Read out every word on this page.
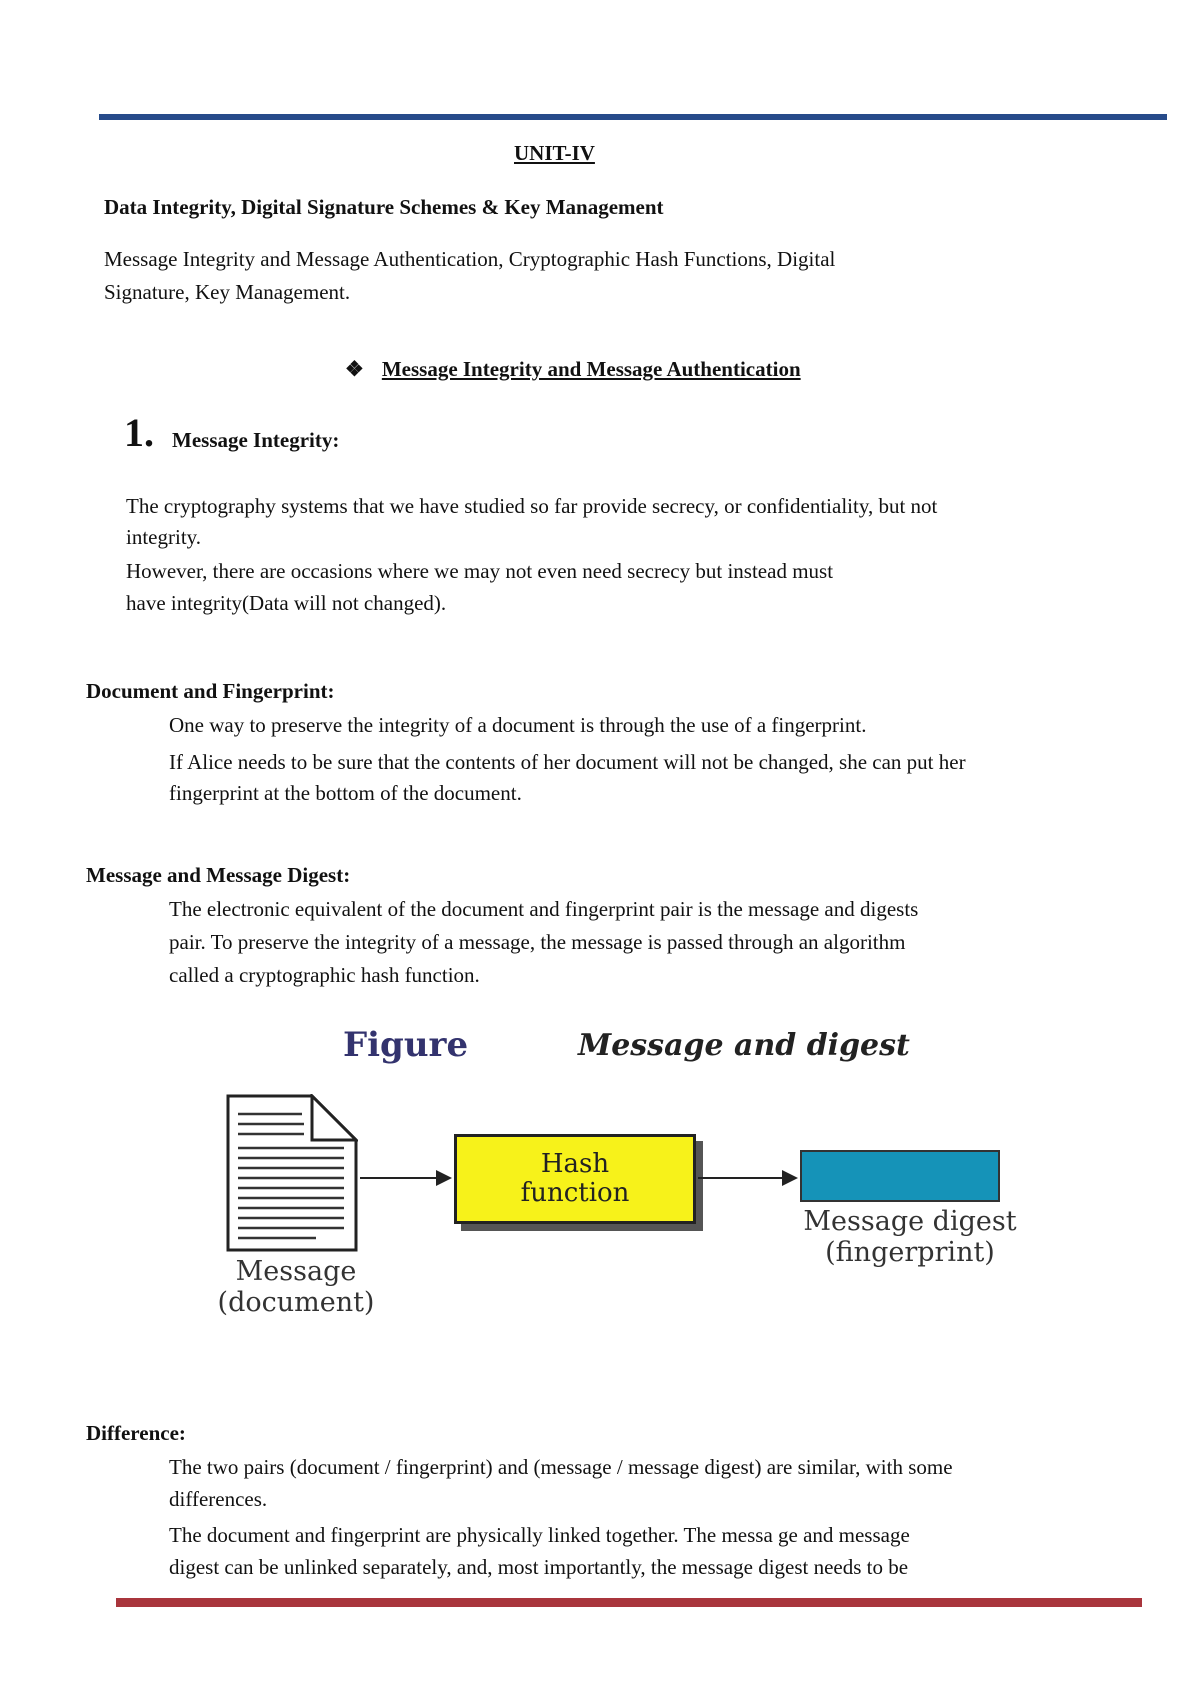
UNIT-IV
Data Integrity, Digital Signature Schemes & Key Management
Message Integrity and Message Authentication, Cryptographic Hash Functions, Digital
Signature, Key Management.
❖ Message Integrity and Message Authentication
1. Message Integrity:
The cryptography systems that we have studied so far provide secrecy, or confidentiality, but not
integrity.
However, there are occasions where we may not even need secrecy but instead must
have integrity(Data will not changed).
Document and Fingerprint:
One way to preserve the integrity of a document is through the use of a fingerprint.
If Alice needs to be sure that the contents of her document will not be changed, she can put her
fingerprint at the bottom of the document.
Message and Message Digest:
The electronic equivalent of the document and fingerprint pair is the message and digests
pair. To preserve the integrity of a message, the message is passed through an algorithm
called a cryptographic hash function.
Figure	Message and digest
Hash
function
Message
(document)
Message digest
(fingerprint)
Difference:
The two pairs (document / fingerprint) and (message / message digest) are similar, with some
differences.
The document and fingerprint are physically linked together. The messa ge and message
digest can be unlinked separately, and, most importantly, the message digest needs to be
